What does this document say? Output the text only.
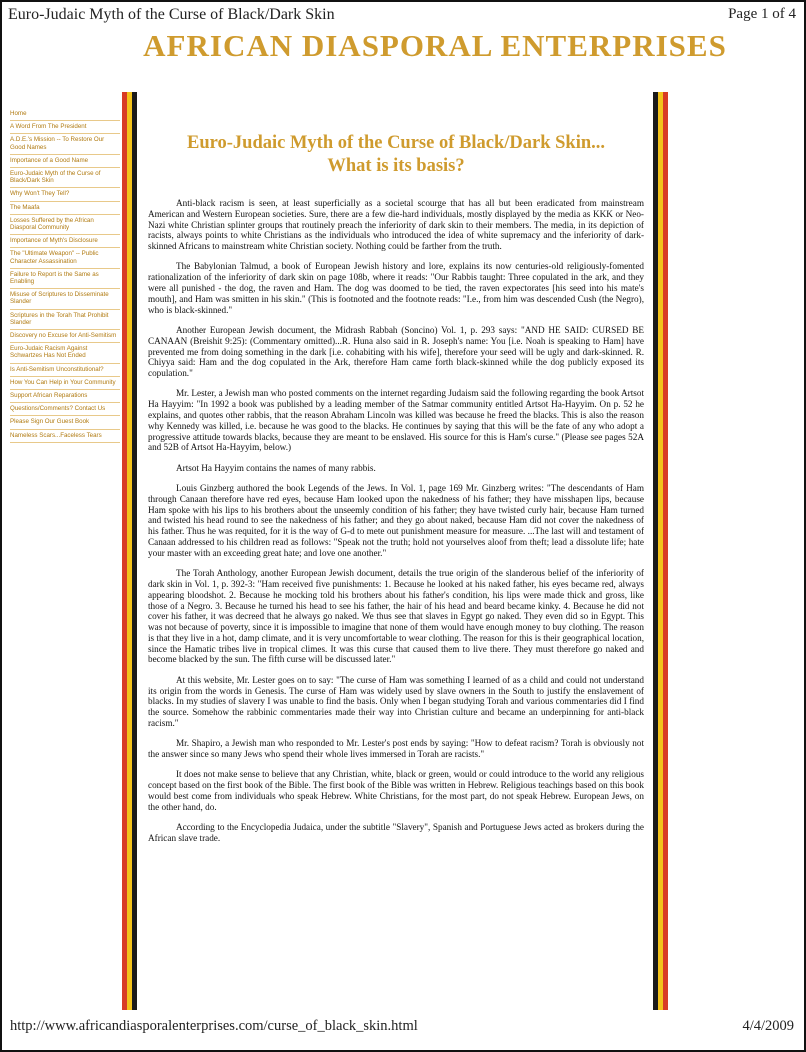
Euro-Judaic Myth of the Curse of Black/Dark Skin	Page 1 of 4
AFRICAN DIASPORAL ENTERPRISES
Home
A Word From The President
A.D.E.'s Mission -- To Restore Our Good Names
Importance of a Good Name
Euro-Judaic Myth of the Curse of Black/Dark Skin
Why Won't They Tell?
The Maafa
Losses Suffered by the African Diasporal Community
Importance of Myth's Disclosure
The "Ultimate Weapon" -- Public Character Assassination
Failure to Report is the Same as Enabling
Misuse of Scriptures to Disseminate Slander
Scriptures in the Torah That Prohibit Slander
Discovery no Excuse for Anti-Semitism
Euro-Judaic Racism Against Schwartzes Has Not Ended
Is Anti-Semitism Unconstitutional?
How You Can Help in Your Community
Support African Reparations
Questions/Comments? Contact Us
Please Sign Our Guest Book
Nameless Scars...Faceless Tears
Euro-Judaic Myth of the Curse of Black/Dark Skin...
What is its basis?

Anti-black racism is seen, at least superficially as a societal scourge that has all but been eradicated from mainstream American and Western European societies. Sure, there are a few die-hard individuals, mostly displayed by the media as KKK or Neo-Nazi white Christian splinter groups that routinely preach the inferiority of dark skin to their members. The media, in its depiction of racists, always points to white Christians as the individuals who introduced the idea of white supremacy and the inferiority of dark-skinned Africans to mainstream white Christian society. Nothing could be farther from the truth.

The Babylonian Talmud, a book of European Jewish history and lore, explains its now centuries-old religiously-fomented rationalization of the inferiority of dark skin on page 108b, where it reads: "Our Rabbis taught: Three copulated in the ark, and they were all punished - the dog, the raven and Ham. The dog was doomed to be tied, the raven expectorates [his seed into his mate's mouth], and Ham was smitten in his skin." (This is footnoted and the footnote reads: "I.e., from him was descended Cush (the Negro), who is black-skinned."

Another European Jewish document, the Midrash Rabbah (Soncino) Vol. 1, p. 293 says: "AND HE SAID: CURSED BE CANAAN (Breishit 9:25): (Commentary omitted)...R. Huna also said in R. Joseph's name: You [i.e. Noah is speaking to Ham] have prevented me from doing something in the dark [i.e. cohabiting with his wife], therefore your seed will be ugly and dark-skinned. R. Chiyya said: Ham and the dog copulated in the Ark, therefore Ham came forth black-skinned while the dog publicly exposed its copulation."

Mr. Lester, a Jewish man who posted comments on the internet regarding Judaism said the following regarding the book Artsot Ha Hayyim: "In 1992 a book was published by a leading member of the Satmar community entitled Artsot Ha-Hayyim. On p. 52 he explains, and quotes other rabbis, that the reason Abraham Lincoln was killed was because he freed the blacks. This is also the reason why Kennedy was killed, i.e. because he was good to the blacks. He continues by saying that this will be the fate of any who adopt a progressive attitude towards blacks, because they are meant to be enslaved. His source for this is Ham's curse." (Please see pages 52A and 52B of Artsot Ha-Hayyim, below.)

Artsot Ha Hayyim contains the names of many rabbis.

Louis Ginzberg authored the book Legends of the Jews. In Vol. 1, page 169 Mr. Ginzberg writes: "The descendants of Ham through Canaan therefore have red eyes, because Ham looked upon the nakedness of his father; they have misshapen lips, because Ham spoke with his lips to his brothers about the unseemly condition of his father; they have twisted curly hair, because Ham turned and twisted his head round to see the nakedness of his father; and they go about naked, because Ham did not cover the nakedness of his father. Thus he was requited, for it is the way of G-d to mete out punishment measure for measure. ...The last will and testament of Canaan addressed to his children read as follows: "Speak not the truth; hold not yourselves aloof from theft; lead a dissolute life; hate your master with an exceeding great hate; and love one another."

The Torah Anthology, another European Jewish document, details the true origin of the slanderous belief of the inferiority of dark skin in Vol. 1, p. 392-3: "Ham received five punishments: 1. Because he looked at his naked father, his eyes became red, always appearing bloodshot. 2. Because he mocking told his brothers about his father's condition, his lips were made thick and gross, like those of a Negro. 3. Because he turned his head to see his father, the hair of his head and beard became kinky. 4. Because he did not cover his father, it was decreed that he always go naked. We thus see that slaves in Egypt go naked. They even did so in Egypt. This was not because of poverty, since it is impossible to imagine that none of them would have enough money to buy clothing. The reason is that they live in a hot, damp climate, and it is very uncomfortable to wear clothing. The reason for this is their geographical location, since the Hamatic tribes live in tropical climes. It was this curse that caused them to live there. They must therefore go naked and become blacked by the sun. The fifth curse will be discussed later."

At this website, Mr. Lester goes on to say: "The curse of Ham was something I learned of as a child and could not understand its origin from the words in Genesis. The curse of Ham was widely used by slave owners in the South to justify the enslavement of blacks. In my studies of slavery I was unable to find the basis. Only when I began studying Torah and various commentaries did I find the source. Somehow the rabbinic commentaries made their way into Christian culture and became an underpinning for anti-black racism."

Mr. Shapiro, a Jewish man who responded to Mr. Lester's post ends by saying: "How to defeat racism? Torah is obviously not the answer since so many Jews who spend their whole lives immersed in Torah are racists."

It does not make sense to believe that any Christian, white, black or green, would or could introduce to the world any religious concept based on the first book of the Bible. The first book of the Bible was written in Hebrew. Religious teachings based on this book would best come from individuals who speak Hebrew. White Christians, for the most part, do not speak Hebrew. European Jews, on the other hand, do.

According to the Encyclopedia Judaica, under the subtitle "Slavery", Spanish and Portuguese Jews acted as brokers during the African slave trade.

http://www.africandiasporalenterprises.com/curse_of_black_skin.html	4/4/2009
